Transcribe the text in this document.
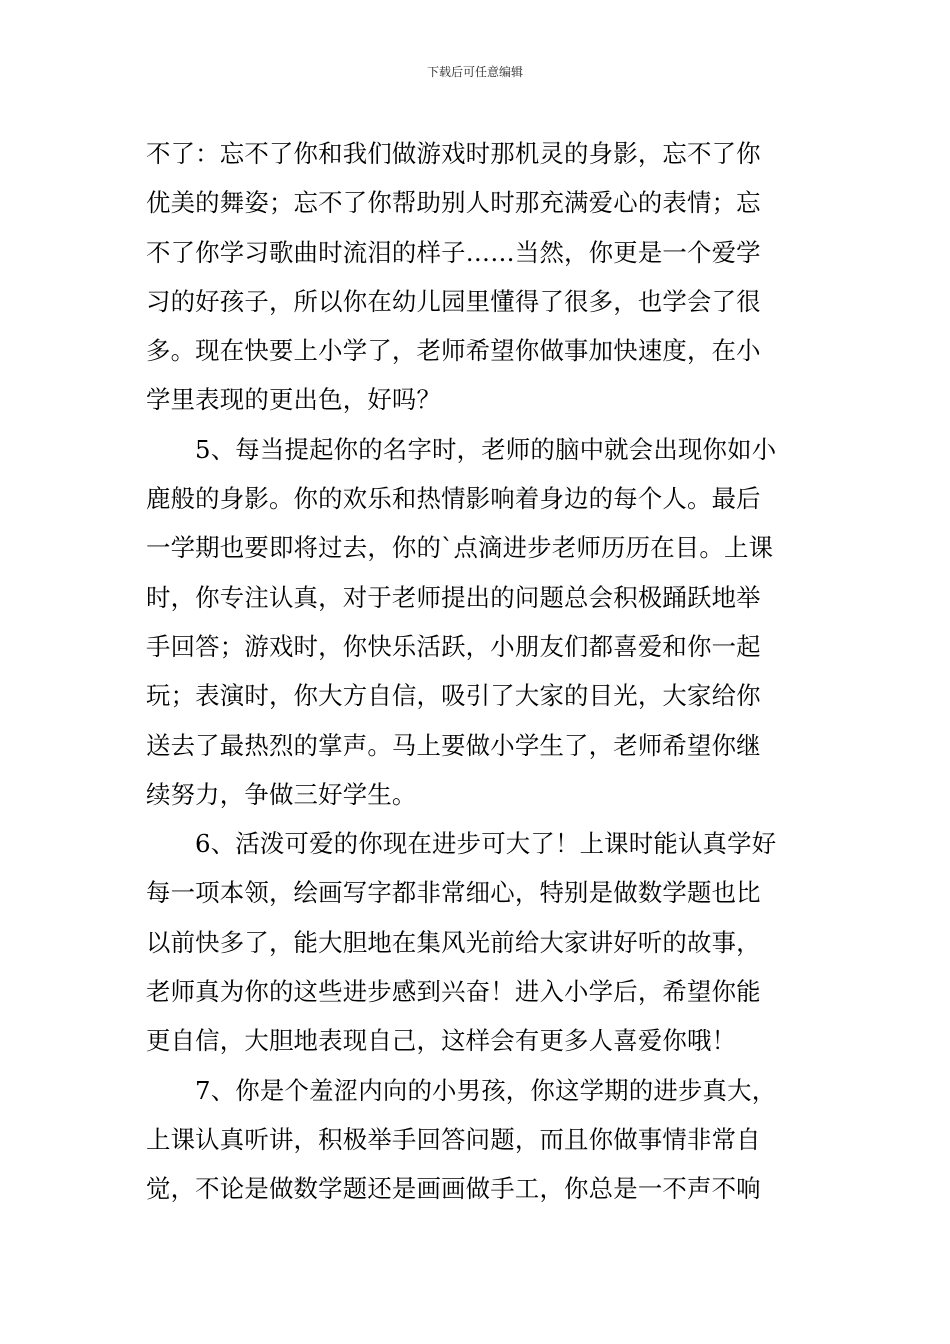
下载后可任意编辑
不了：忘不了你和我们做游戏时那机灵的身影，忘不了你
优美的舞姿；忘不了你帮助别人时那充满爱心的表情；忘
不了你学习歌曲时流泪的样子……当然，你更是一个爱学
习的好孩子，所以你在幼儿园里懂得了很多，也学会了很
多。现在快要上小学了，老师希望你做事加快速度，在小
学里表现的更出色，好吗？
5、每当提起你的名字时，老师的脑中就会出现你如小
鹿般的身影。你的欢乐和热情影响着身边的每个人。最后
一学期也要即将过去，你的`点滴进步老师历历在目。上课
时，你专注认真，对于老师提出的问题总会积极踊跃地举
手回答；游戏时，你快乐活跃，小朋友们都喜爱和你一起
玩；表演时，你大方自信，吸引了大家的目光，大家给你
送去了最热烈的掌声。马上要做小学生了，老师希望你继
续努力，争做三好学生。
6、活泼可爱的你现在进步可大了！上课时能认真学好
每一项本领，绘画写字都非常细心，特别是做数学题也比
以前快多了，能大胆地在集风光前给大家讲好听的故事，
老师真为你的这些进步感到兴奋！进入小学后，希望你能
更自信，大胆地表现自己，这样会有更多人喜爱你哦！
7、你是个羞涩内向的小男孩，你这学期的进步真大，
上课认真听讲，积极举手回答问题，而且你做事情非常自
觉，不论是做数学题还是画画做手工，你总是一不声不响
